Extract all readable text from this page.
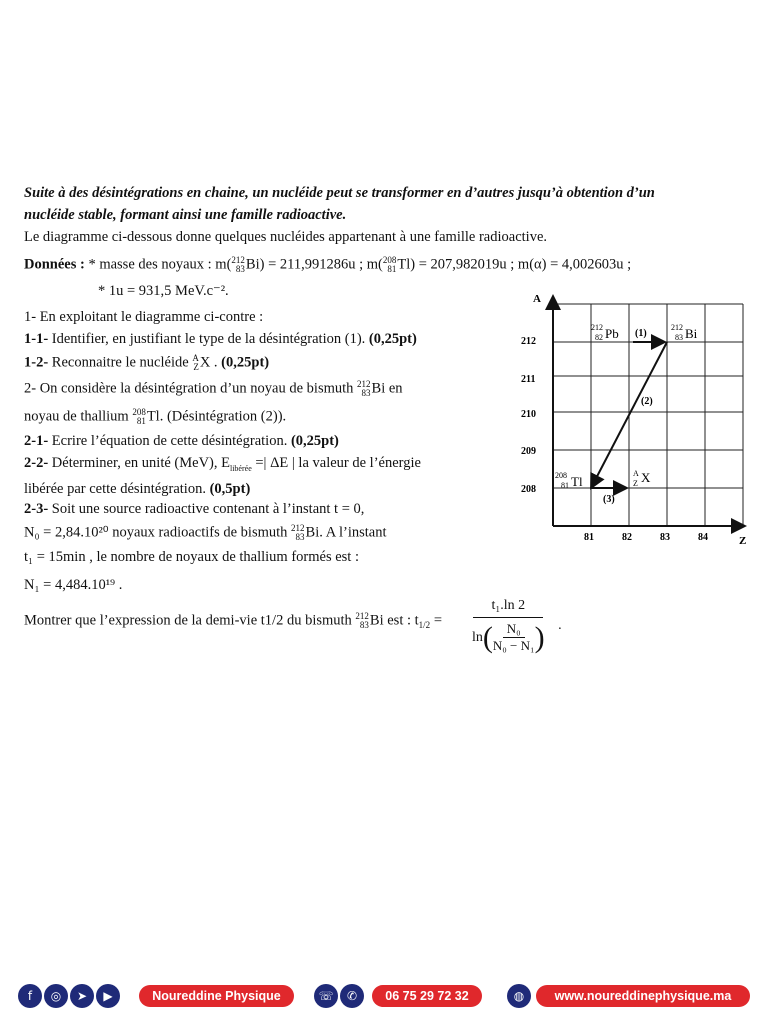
Suite à des désintégrations en chaine, un nucléide peut se transformer en d’autres jusqu’à obtention d’un
nucléide stable, formant ainsi une famille radioactive.
Le diagramme ci-dessous donne quelques nucléides appartenant à une famille radioactive.
Données : * masse des noyaux : m( 212
83 Bi) = 211,991286u ; m( 208
81 Tl) = 207,982019u ; m(α) = 4,002603u ;
* 1u = 931,5 MeV.c⁻².
1- En exploitant le diagramme ci-contre :
1-1- Identifier, en justifiant le type de la désintégration (1). (0,25pt)
1-2- Reconnaitre le nucléide A
Z X . (0,25pt)
2- On considère la désintégration d’un noyau de bismuth 212
83 Bi en
noyau de thallium 208
81 Tl. (Désintégration (2)).
2-1- Ecrire l’équation de cette désintégration. (0,25pt)
2-2- Déterminer, en unité (MeV), $E_{libérée}$ =| ΔE | la valeur de l’énergie
libérée par cette désintégration. (0,5pt)
2-3- Soit une source radioactive contenant à l’instant t = 0,
N₀ = 2,84.10²⁰ noyaux radioactifs de bismuth 212
83 Bi. A l’instant
t₁ = 15min , le nombre de noyaux de thallium formés est :
N₁ = 4,484.10¹⁹ .
Montrer que l’expression de la demi-vie t1/2 du bismuth 212
83 Bi est : $t_{1/2} = \frac{\text{t₁.ln 2}}{\ln ( \frac{\text{N₀}}{\text{N₀ − N₁}} )}$ .
A
Z
212
211
210
209
208
81	82	83	84
(1)
(2)
(3)
212
82 Pb	212
83 Bi
208
81 Tl
A
Z X
f	◎	➤	▶	Noureddine Physique	☏	✆	06 75 29 72 32	◍	www.noureddinephysique.ma
